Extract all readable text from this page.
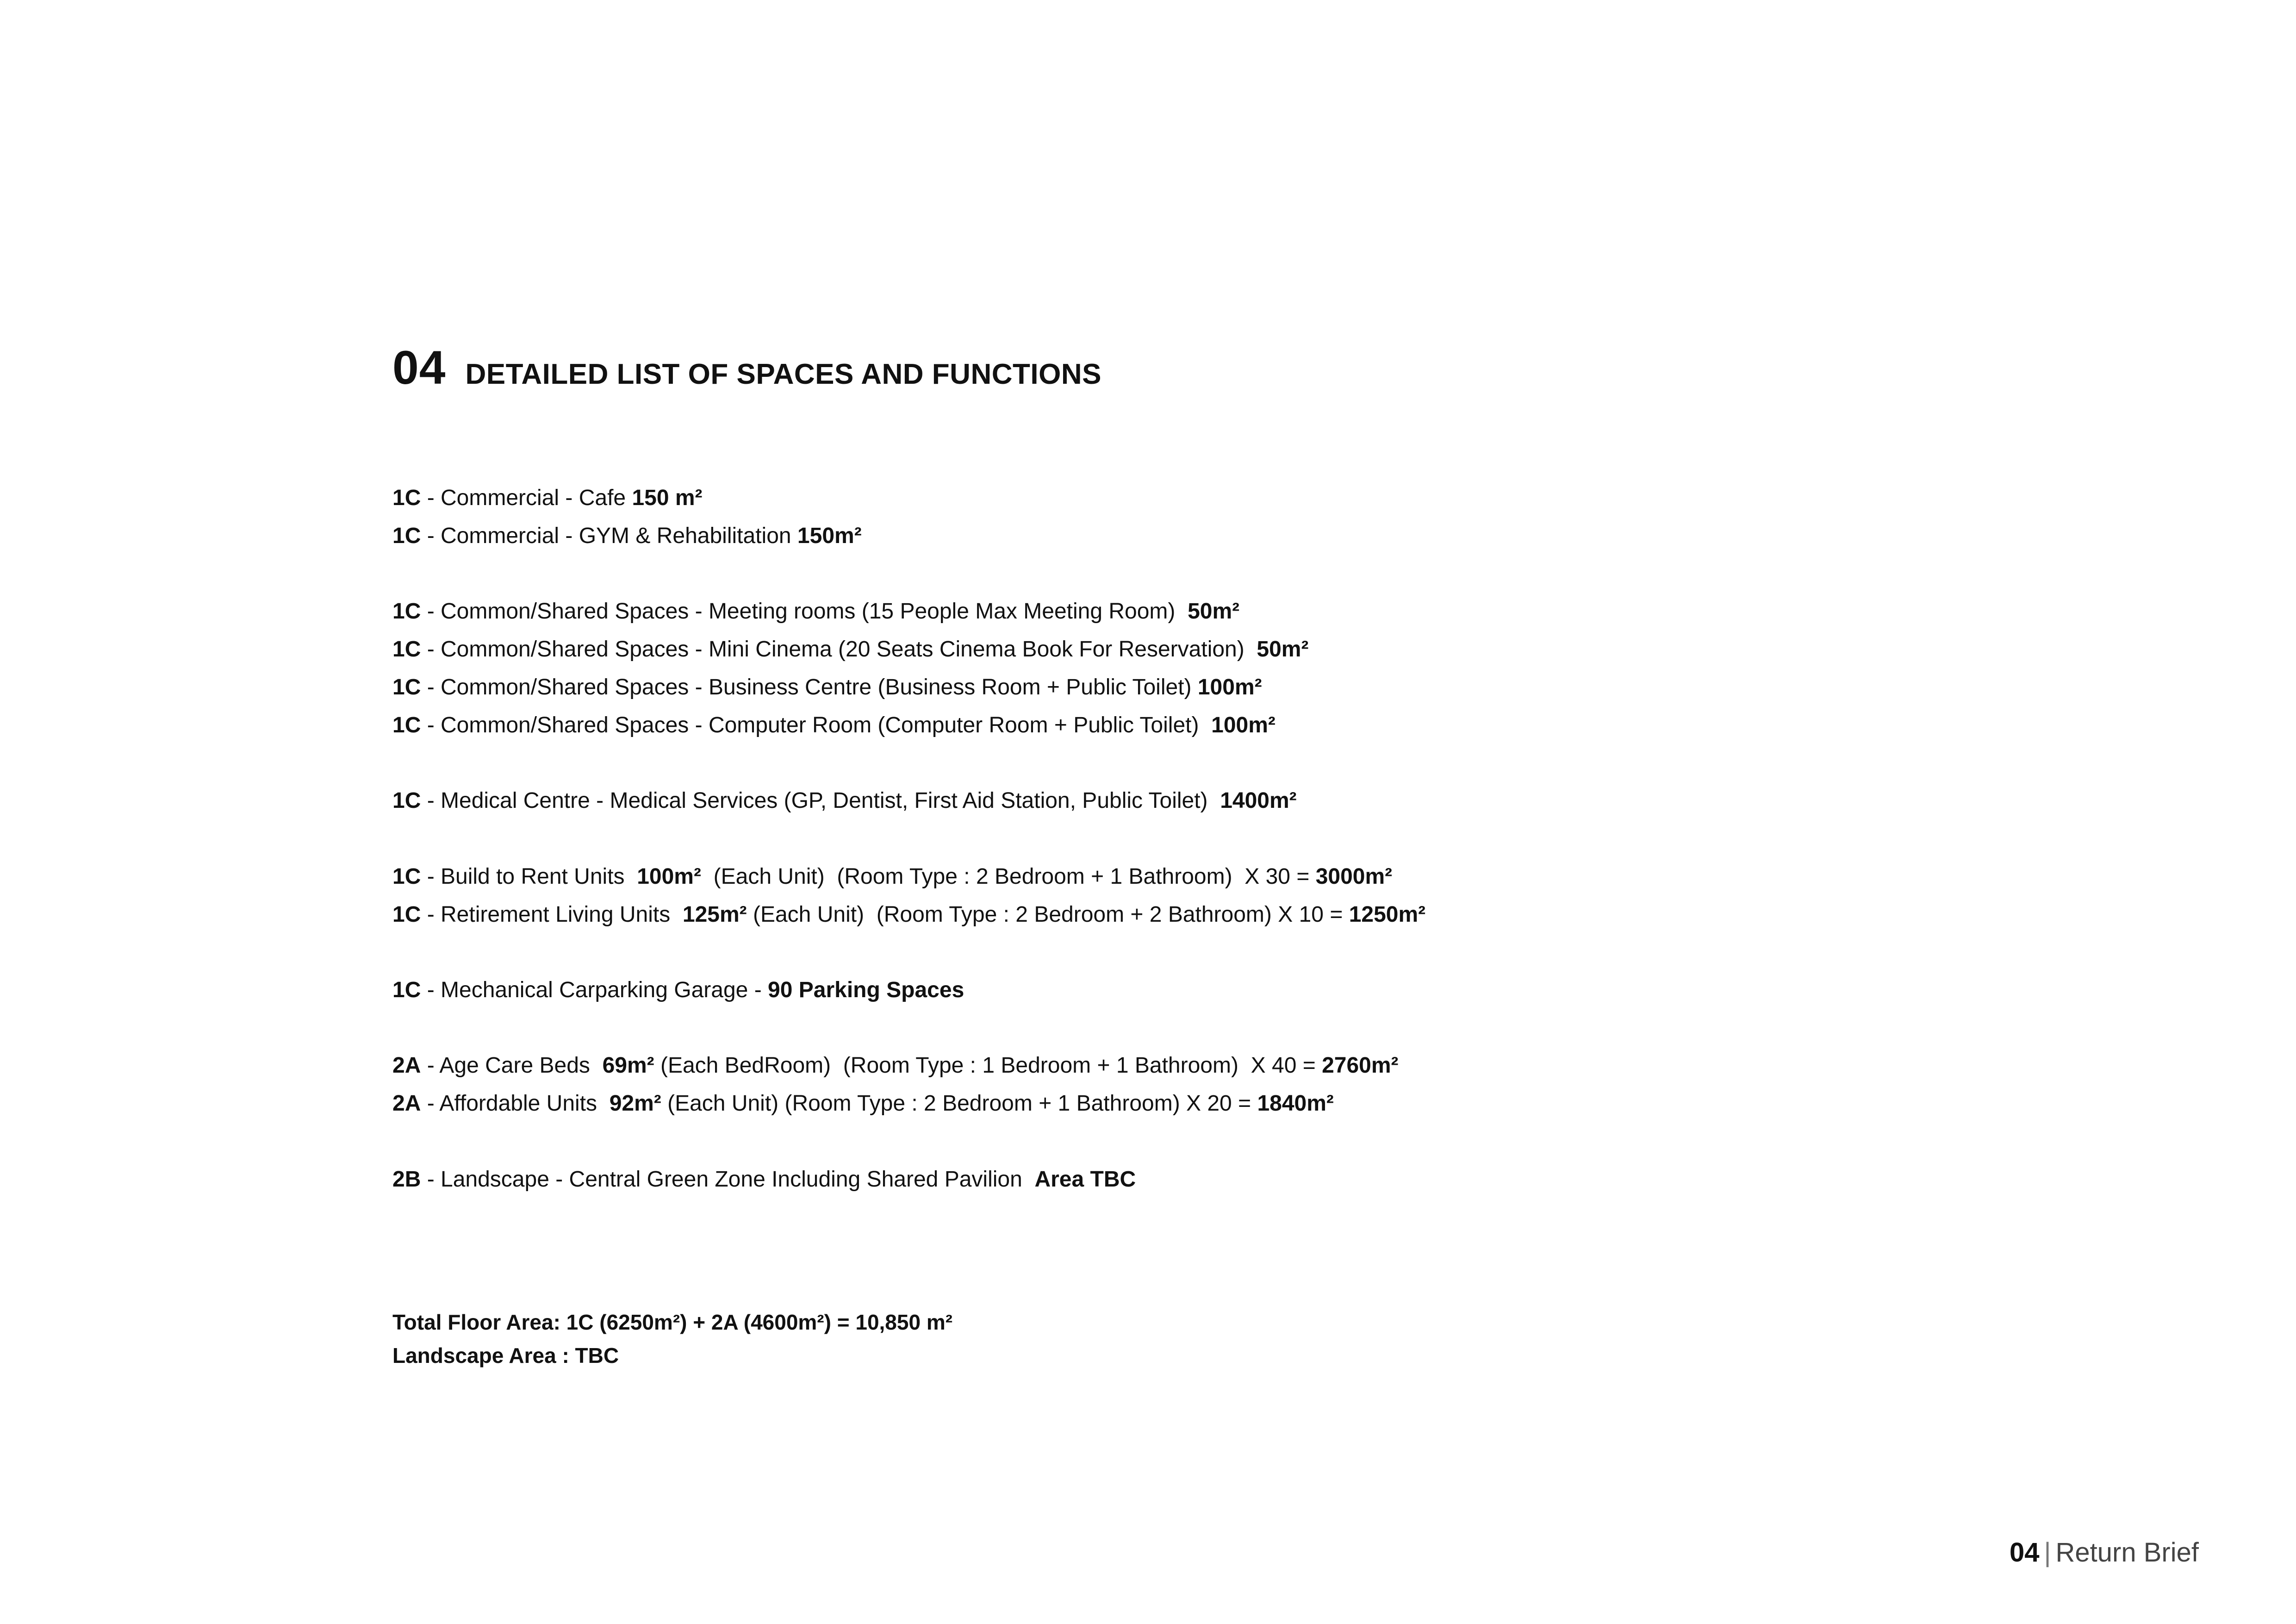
04 DETAILED LIST OF SPACES AND FUNCTIONS
1C - Commercial - Cafe 150 m²
1C - Commercial - GYM & Rehabilitation 150m²
1C - Common/Shared Spaces - Meeting rooms (15 People Max Meeting Room)  50m²
1C - Common/Shared Spaces - Mini Cinema (20 Seats Cinema Book For Reservation)  50m²
1C - Common/Shared Spaces - Business Centre (Business Room + Public Toilet) 100m²
1C - Common/Shared Spaces - Computer Room (Computer Room + Public Toilet)  100m²
1C - Medical Centre - Medical Services (GP, Dentist, First Aid Station, Public Toilet)  1400m²
1C - Build to Rent Units  100m²  (Each Unit)  (Room Type : 2 Bedroom + 1 Bathroom)  X 30 = 3000m²
1C - Retirement Living Units  125m² (Each Unit)  (Room Type : 2 Bedroom + 2 Bathroom) X 10 = 1250m²
1C - Mechanical Carparking Garage - 90 Parking Spaces
2A - Age Care Beds  69m² (Each BedRoom)  (Room Type : 1 Bedroom + 1 Bathroom)  X 40 = 2760m²
2A - Affordable Units  92m² (Each Unit) (Room Type : 2 Bedroom + 1 Bathroom) X 20 = 1840m²
2B - Landscape - Central Green Zone Including Shared Pavilion  Area TBC
Total Floor Area: 1C (6250m²) + 2A (4600m²) = 10,850 m²
Landscape Area : TBC
04 | Return Brief
